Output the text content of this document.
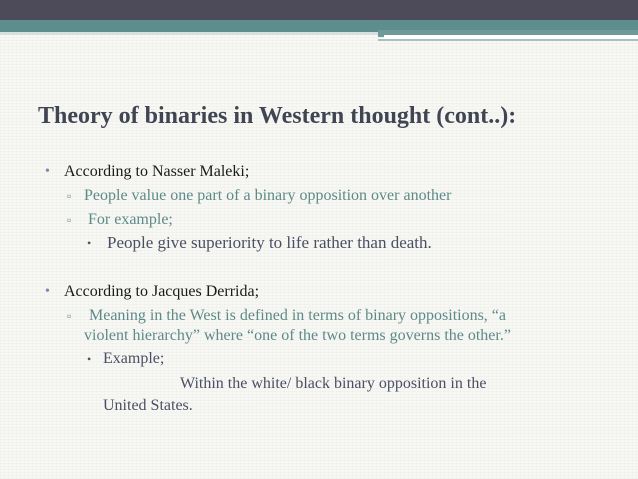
Theory of binaries in Western thought (cont..):
• According to Nasser Maleki;
▫ People value one part of a binary opposition over another
▫ For example;
• People give superiority to life rather than death.
• According to Jacques Derrida;
▫ Meaning in the West is defined in terms of binary oppositions, “a
violent hierarchy” where “one of the two terms governs the other.”
• Example;
Within the white/ black binary opposition in the
United States.
